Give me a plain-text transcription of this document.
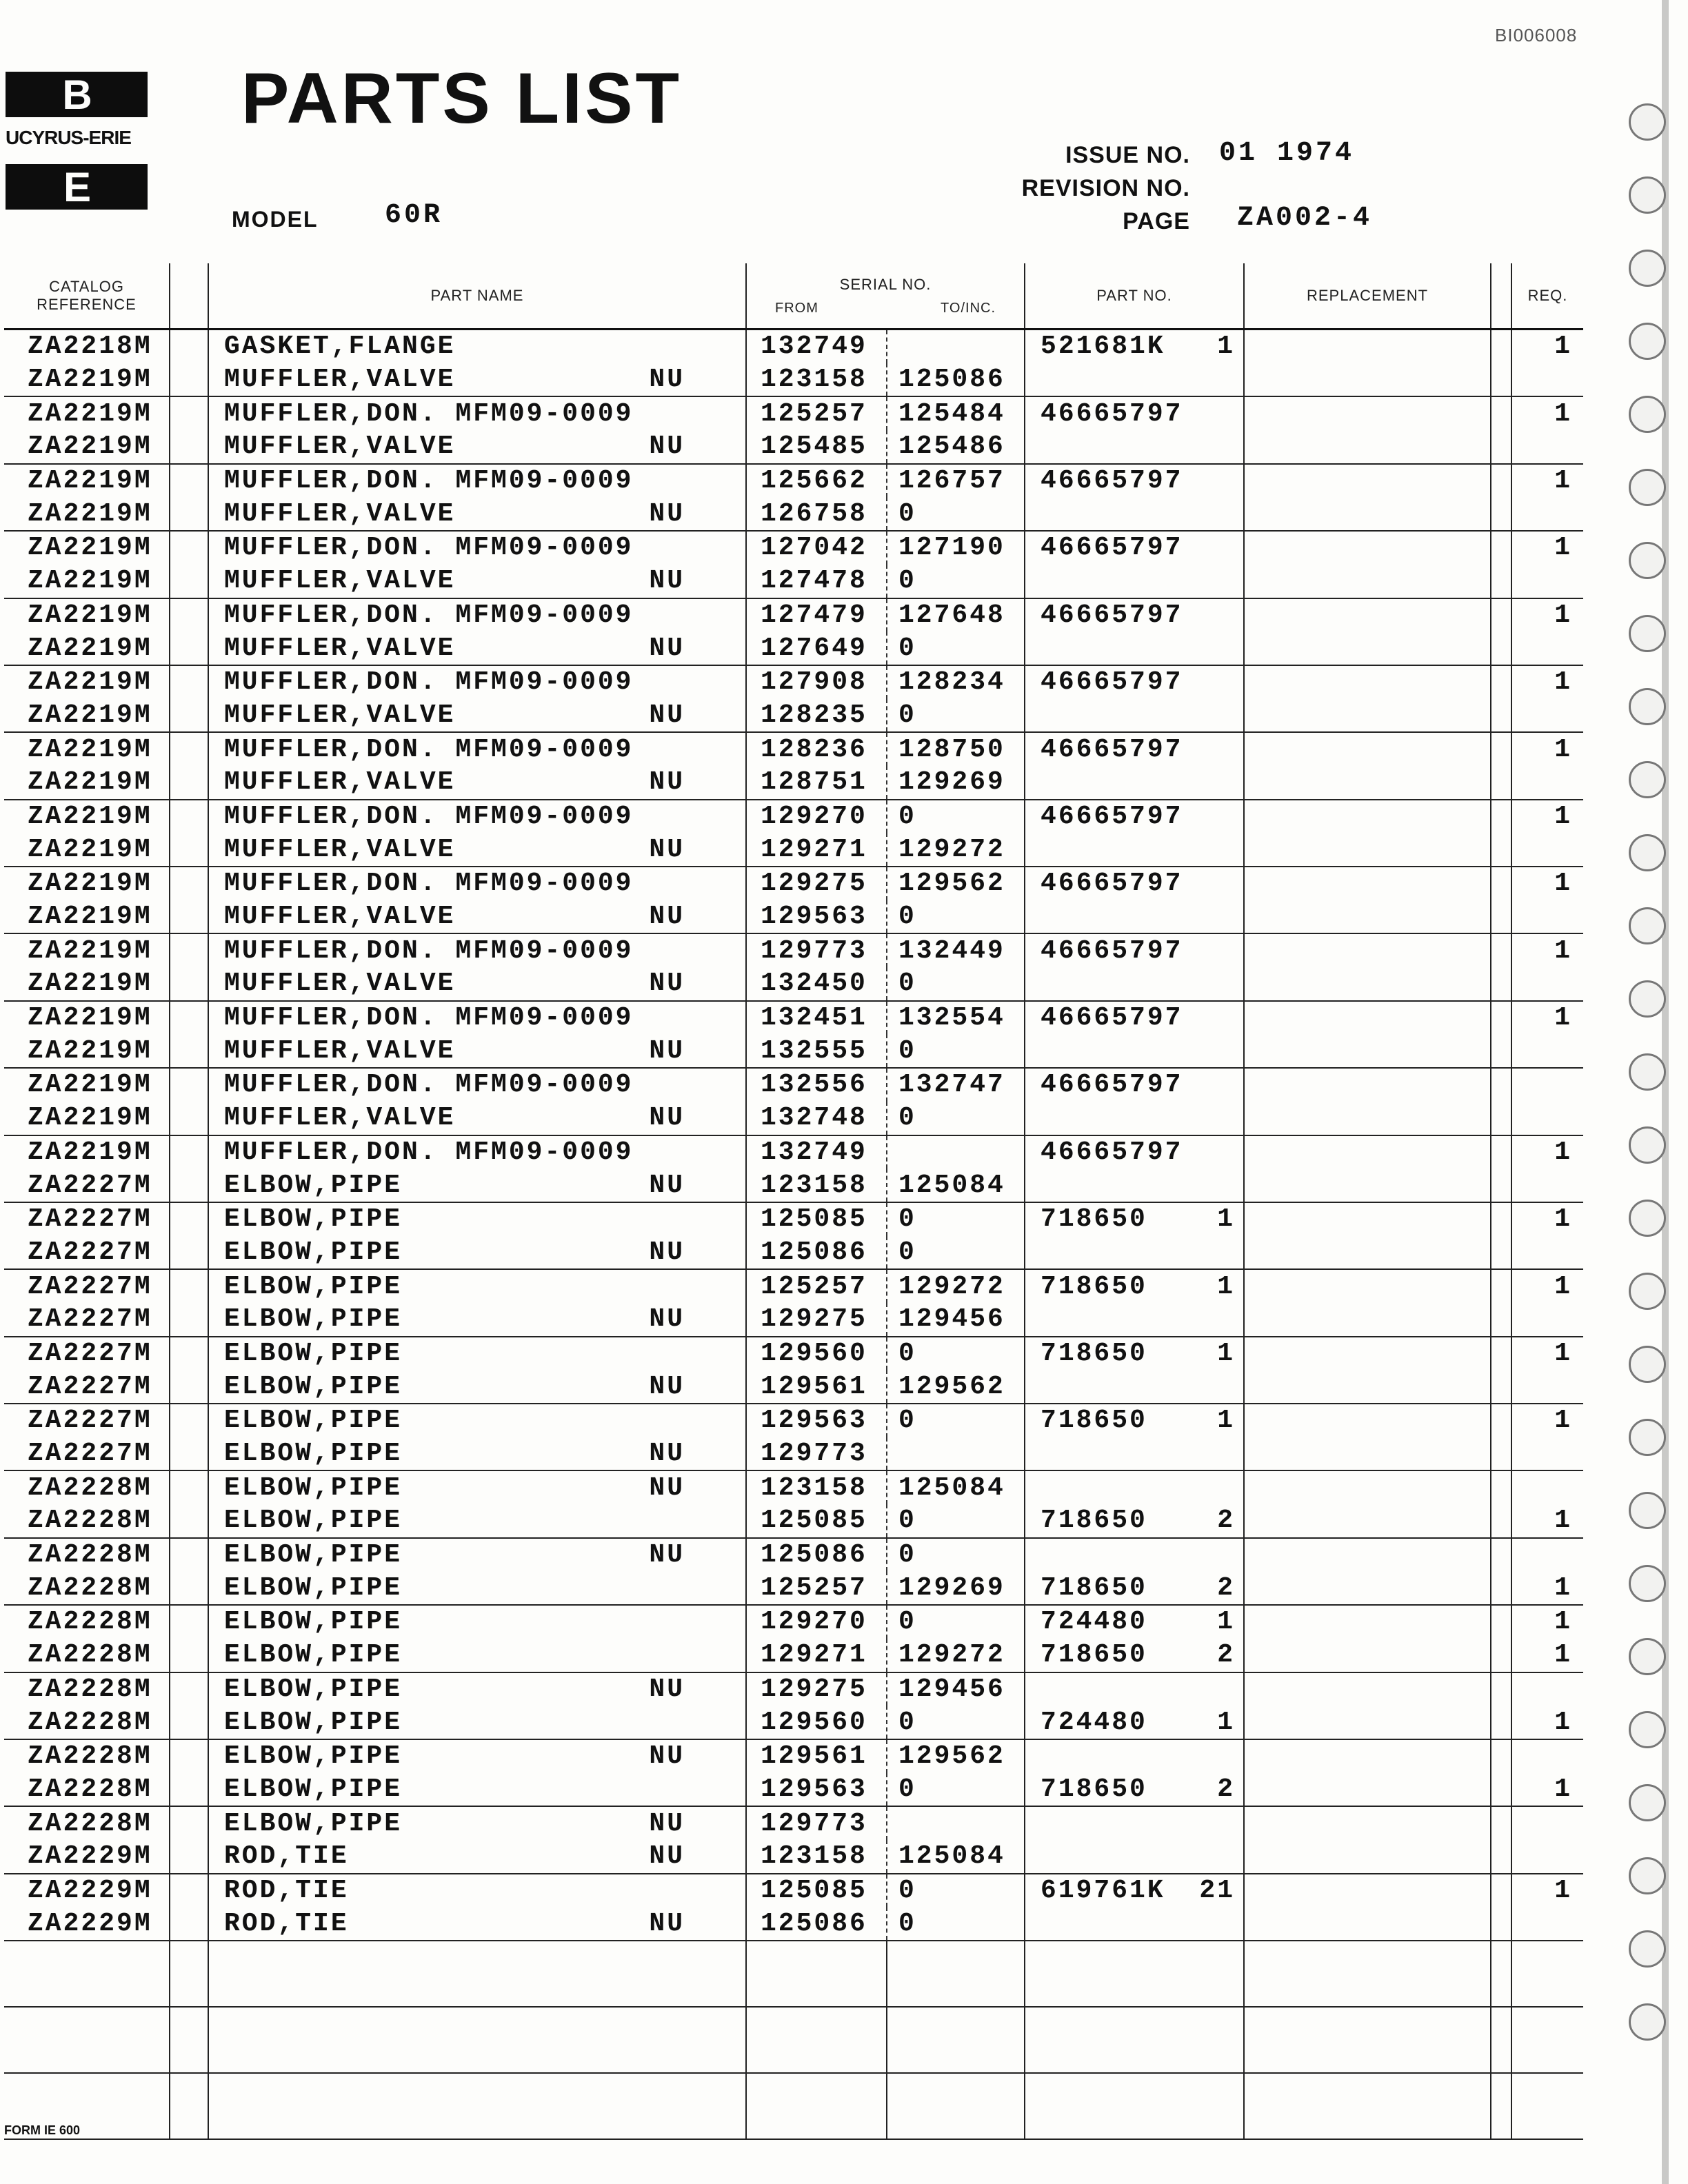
BI006008
B
UCYRUS-ERIE
E
PARTS LIST
ISSUE NO. 01 1974
REVISION NO.
PAGE ZA002-4
MODEL 60R
CATALOG REFERENCE		PART NAME	SERIAL NO.
FROM TO/INC.		PART NO.	REPLACEMENT		REQ.
ZA2218M		GASKET,FLANGE	132749		521681K 1			1
ZA2219M		MUFFLER,VALVE NU	123158	125086	

ZA2219M		MUFFLER,DON. MFM09-0009	125257	125484	46665797			1
ZA2219M		MUFFLER,VALVE NU	125485	125486	

ZA2219M		MUFFLER,DON. MFM09-0009	125662	126757	46665797			1
ZA2219M		MUFFLER,VALVE NU	126758	0	

ZA2219M		MUFFLER,DON. MFM09-0009	127042	127190	46665797			1
ZA2219M		MUFFLER,VALVE NU	127478	0	

ZA2219M		MUFFLER,DON. MFM09-0009	127479	127648	46665797			1
ZA2219M		MUFFLER,VALVE NU	127649	0	

ZA2219M		MUFFLER,DON. MFM09-0009	127908	128234	46665797			1
ZA2219M		MUFFLER,VALVE NU	128235	0	

ZA2219M		MUFFLER,DON. MFM09-0009	128236	128750	46665797			1
ZA2219M		MUFFLER,VALVE NU	128751	129269	

ZA2219M		MUFFLER,DON. MFM09-0009	129270	0	46665797			1
ZA2219M		MUFFLER,VALVE NU	129271	129272	

ZA2219M		MUFFLER,DON. MFM09-0009	129275	129562	46665797			1
ZA2219M		MUFFLER,VALVE NU	129563	0	

ZA2219M		MUFFLER,DON. MFM09-0009	129773	132449	46665797			1
ZA2219M		MUFFLER,VALVE NU	132450	0	

ZA2219M		MUFFLER,DON. MFM09-0009	132451	132554	46665797			1
ZA2219M		MUFFLER,VALVE NU	132555	0	

ZA2219M		MUFFLER,DON. MFM09-0009	132556	132747	46665797			

ZA2219M		MUFFLER,VALVE NU	132748	0	

ZA2219M		MUFFLER,DON. MFM09-0009	132749		46665797			1
ZA2227M		ELBOW,PIPE NU	123158	125084	

ZA2227M		ELBOW,PIPE	125085	0	718650 1			1
ZA2227M		ELBOW,PIPE NU	125086	0	

ZA2227M		ELBOW,PIPE	125257	129272	718650 1			1
ZA2227M		ELBOW,PIPE NU	129275	129456	

ZA2227M		ELBOW,PIPE	129560	0	718650 1			1
ZA2227M		ELBOW,PIPE NU	129561	129562	

ZA2227M		ELBOW,PIPE	129563	0	718650 1			1
ZA2227M		ELBOW,PIPE NU	129773		

ZA2228M		ELBOW,PIPE NU	123158	125084	

ZA2228M		ELBOW,PIPE	125085	0	718650 2			1
ZA2228M		ELBOW,PIPE NU	125086	0	

ZA2228M		ELBOW,PIPE	125257	129269	718650 2			1
ZA2228M		ELBOW,PIPE	129270	0	724480 1			1
ZA2228M		ELBOW,PIPE	129271	129272	718650 2			1
ZA2228M		ELBOW,PIPE NU	129275	129456	

ZA2228M		ELBOW,PIPE	129560	0	724480 1			1
ZA2228M		ELBOW,PIPE NU	129561	129562	

ZA2228M		ELBOW,PIPE	129563	0	718650 2			1
ZA2228M		ELBOW,PIPE NU	129773		

ZA2229M		ROD,TIE NU	123158	125084	

ZA2229M		ROD,TIE	125085	0	619761K 21			1
ZA2229M		ROD,TIE NU	125086	0	

FORM IE 600
